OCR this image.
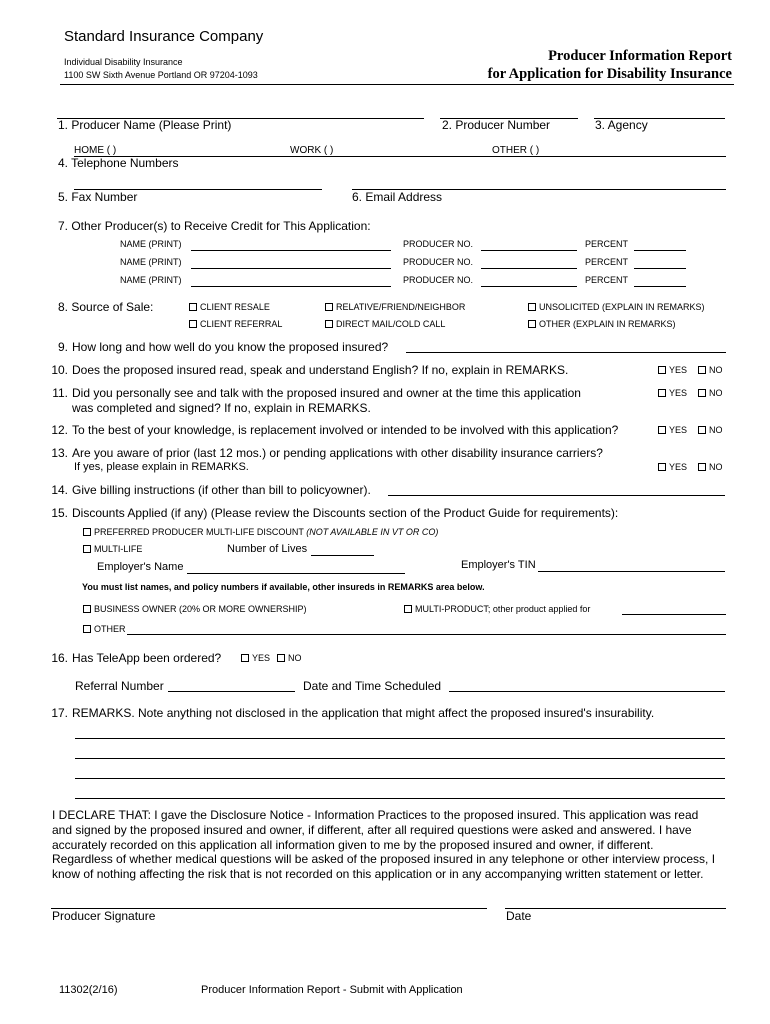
Standard Insurance Company
Individual Disability Insurance
1100 SW Sixth Avenue Portland OR 97204-1093
Producer Information Report
for Application for Disability Insurance
1. Producer Name (Please Print)	2. Producer Number	3. Agency
HOME ( )	WORK ( )	OTHER ( )
4. Telephone Numbers
5. Fax Number	6. Email Address
7. Other Producer(s) to Receive Credit for This Application:
NAME (PRINT)	PRODUCER NO.	PERCENT
NAME (PRINT)	PRODUCER NO.	PERCENT
NAME (PRINT)	PRODUCER NO.	PERCENT
8. Source of Sale:	CLIENT RESALE	RELATIVE/FRIEND/NEIGHBOR	UNSOLICITED (EXPLAIN IN REMARKS)
CLIENT REFERRAL	DIRECT MAIL/COLD CALL	OTHER (EXPLAIN IN REMARKS)
9. How long and how well do you know the proposed insured?
10. Does the proposed insured read, speak and understand English? If no, explain in REMARKS.	YES	NO
11. Did you personally see and talk with the proposed insured and owner at the time this application
was completed and signed? If no, explain in REMARKS.
YES	NO
12. To the best of your knowledge, is replacement involved or intended to be involved with this application?	YES	NO
13. Are you aware of prior (last 12 mos.) or pending applications with other disability insurance carriers?
If yes, please explain in REMARKS.	YES	NO
14. Give billing instructions (if other than bill to policyowner).
15. Discounts Applied (if any) (Please review the Discounts section of the Product Guide for requirements):
PREFERRED PRODUCER MULTI-LIFE DISCOUNT (NOT AVAILABLE IN VT OR CO)
MULTI-LIFE	Number of Lives
Employer's Name	Employer's TIN
You must list names, and policy numbers if available, other insureds in REMARKS area below.
BUSINESS OWNER (20% OR MORE OWNERSHIP)	MULTI-PRODUCT; other product applied for
OTHER
16. Has TeleApp been ordered?	YES	NO
Referral Number	Date and Time Scheduled
17. REMARKS. Note anything not disclosed in the application that might affect the proposed insured's insurability.
I DECLARE THAT: I gave the Disclosure Notice - Information Practices to the proposed insured. This application was read
and signed by the proposed insured and owner, if different, after all required questions were asked and answered. I have
accurately recorded on this application all information given to me by the proposed insured and owner, if different.
Regardless of whether medical questions will be asked of the proposed insured in any telephone or other interview process, I
know of nothing affecting the risk that is not recorded on this application or in any accompanying written statement or letter.
Producer Signature	Date
11302(2/16)	Producer Information Report - Submit with Application
